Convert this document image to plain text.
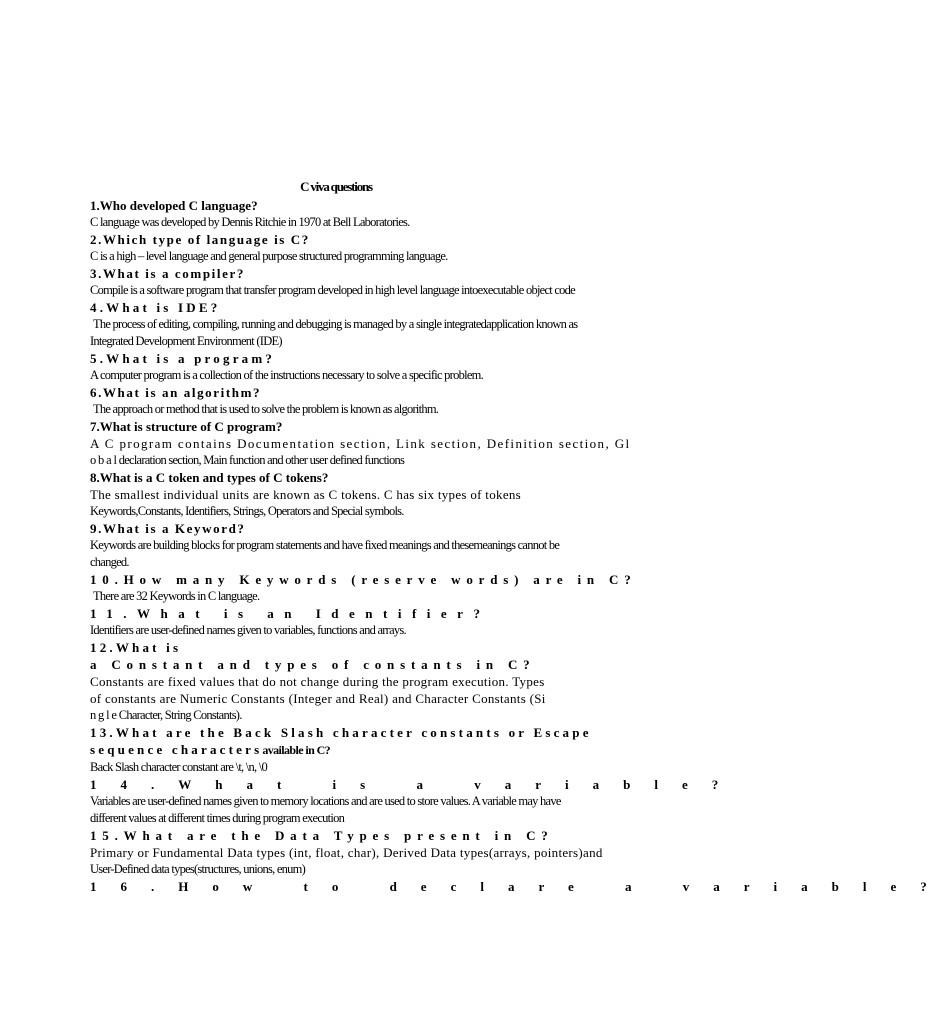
C viva questions
1.Who developed C language?
C language was developed by Dennis Ritchie in 1970 at Bell Laboratories.
2.Which type of language is C?
C is a high – level language and general purpose structured programming language.
3.What is a compiler?
Compile is a software program that transfer program developed in high level language intoexecutable object code
4.What is IDE?
The process of editing, compiling, running and debugging is managed by a single integratedapplication known as
Integrated Development Environment (IDE)
5.What is a program?
A computer program is a collection of the instructions necessary to solve a specific problem.
6.What is an algorithm?
The approach or method that is used to solve the problem is known as algorithm.
7.What is structure of C program?
A C program contains Documentation section, Link section, Definition section, Gl
obaldeclaration section, Main function and other user defined functions
8.What is a C token and types of C tokens?
The smallest individual units are known as C tokens. C has six types of tokens
Keywords,Constants, Identifiers, Strings, Operators and Special symbols.
9.What is a Keyword?
Keywords are building blocks for program statements and have fixed meanings and thesemeanings cannot be
changed.
10.How many Keywords (reserve words) are in C?
There are 32 Keywords in C language.
11.What is an Identifier?
Identifiers are user-defined names given to variables, functions and arrays.
12.What is
a Constant and types of constants in C?
Constants are fixed values that do not change during the program execution. Types
of constants are Numeric Constants (Integer and Real) and Character Constants (Si
ngleCharacter, String Constants).
13.What are the Back Slash character constants or Escape
sequence charactersavailable in C?
Back Slash character constant are \t, \n, \0
14.What is a variable?
Variables are user-defined names given to memory locations and are used to store values. A variable may have
different values at different times during program execution
15.What are the Data Types present in C?
Primary or Fundamental Data types (int, float, char), Derived Data types(arrays, pointers)and
User-Defined data types(structures, unions, enum)
16.How to declare a variable?
